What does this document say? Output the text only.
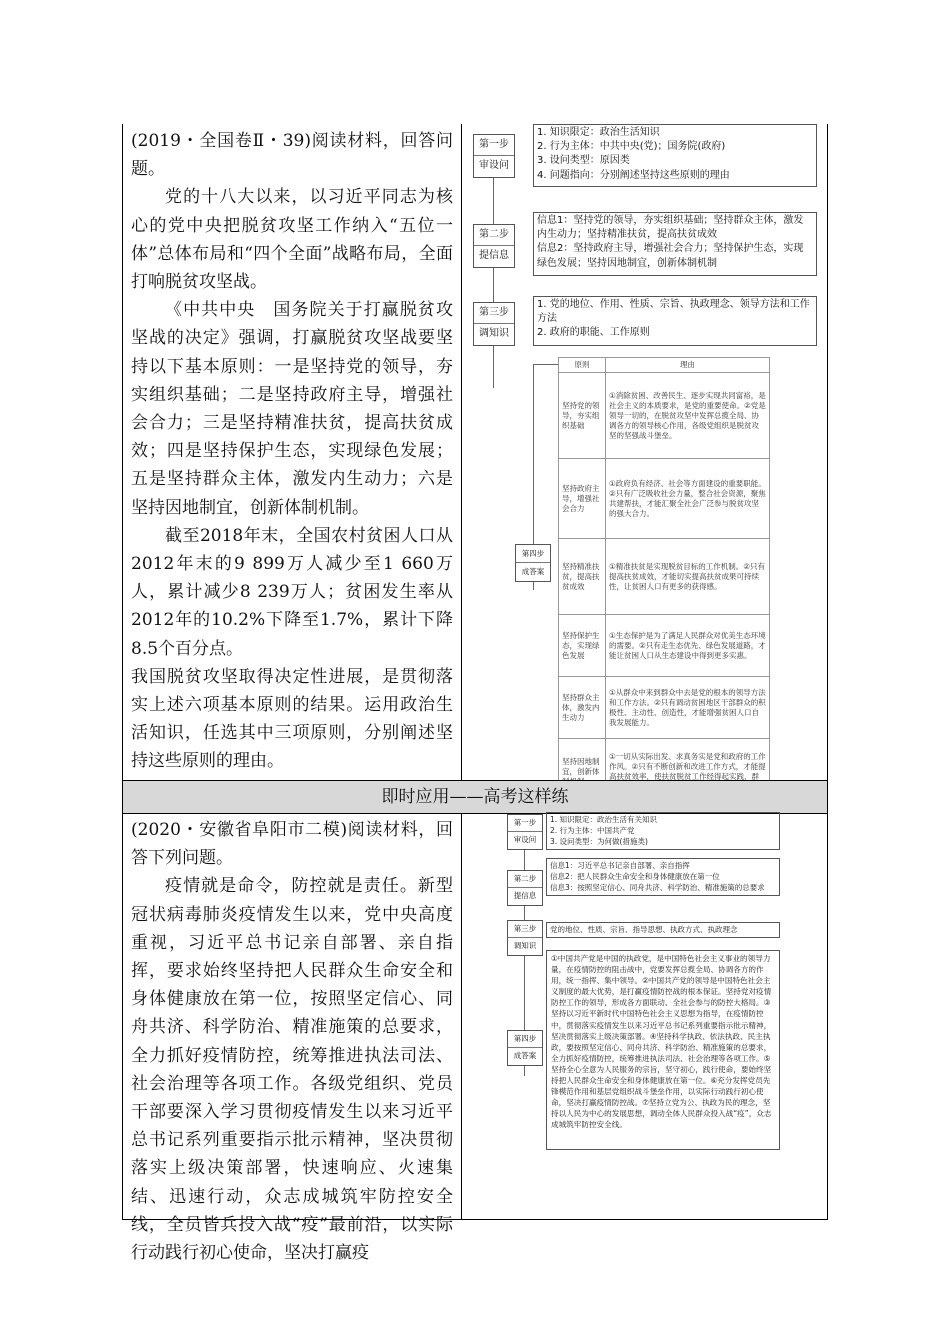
(2019・全国卷Ⅱ・39)阅读材料，回答问题。

党的十八大以来，以习近平同志为核心的党中央把脱贫攻坚工作纳入“五位一体”总体布局和“四个全面”战略布局，全面打响脱贫攻坚战。

《中共中央　国务院关于打赢脱贫攻坚战的决定》强调，打赢脱贫攻坚战要坚持以下基本原则：一是坚持党的领导，夯实组织基础；二是坚持政府主导，增强社会合力；三是坚持精准扶贫，提高扶贫成效；四是坚持保护生态，实现绿色发展；五是坚持群众主体，激发内生动力；六是坚持因地制宜，创新体制机制。

截至2018年末，全国农村贫困人口从2012年末的9 899万人减少至1 660万人，累计减少8 239万人；贫困发生率从2012年的10.2%下降至1.7%，累计下降8.5个百分点。

我国脱贫攻坚取得决定性进展，是贯彻落实上述六项基本原则的结果。运用政治生活知识，任选其中三项原则，分别阐述坚持这些原则的理由。

第一步
审设问
1. 知识限定：政治生活知识
2. 行为主体：中共中央(党)；国务院(政府)
3. 设问类型：原因类
4. 问题指向：分别阐述坚持这些原则的理由
第二步
提信息
信息1：坚持党的领导，夯实组织基础；坚持群众主体，激发内生动力；坚持精准扶贫，提高扶贫成效
信息2：坚持政府主导，增强社会合力；坚持保护生态，实现绿色发展；坚持因地制宜，创新体制机制
第三步
调知识
1. 党的地位、作用、性质、宗旨、执政理念、领导方法和工作方法
2. 政府的职能、工作原则
第四步
成答案
原则	理由
坚持党的领导，夯实组织基础	①消除贫困、改善民生、逐步实现共同富裕，是社会主义的本质要求，是党的重要使命。②党是领导一切的，在脱贫攻坚中发挥总揽全局、协调各方的领导核心作用，各级党组织是脱贫攻坚的坚强战斗堡垒。
坚持政府主导，增强社会合力	①政府负有经济、社会等方面建设的重要职能。②只有广泛吸收社会力量，整合社会资源，聚焦共建帮扶，才能汇聚全社会广泛参与脱贫攻坚的强大合力。
坚持精准扶贫，提高扶贫成效	①精准扶贫是实现脱贫目标的工作机制。②只有提高扶贫成效，才能切实提高扶贫成果可持续性，让贫困人口有更多的获得感。
坚持保护生态，实现绿色发展	①生态保护是为了满足人民群众对优美生态环境的需要。②只有走生态优先、绿色发展道路，才能让贫困人口从生态建设中得到更多实惠。
坚持群众主体，激发内生动力	①从群众中来到群众中去是党的根本的领导方法和工作方法。②只有调动贫困地区干部群众的积极性、主动性、创造性，才能增强贫困人口自我发展能力。
坚持因地制宜，创新体	①一切从实际出发、求真务实是党和政府的工作作风。②只有不断创新和改进工作方式，才能提高扶贫效率，使扶贫脱贫工作经得起实践、群
即时应用——高考这样练

(2020・安徽省阜阳市二模)阅读材料，回答下列问题。

疫情就是命令，防控就是责任。新型冠状病毒肺炎疫情发生以来，党中央高度重视，习近平总书记亲自部署、亲自指挥，要求始终坚持把人民群众生命安全和身体健康放在第一位，按照坚定信心、同舟共济、科学防治、精准施策的总要求，全力抓好疫情防控，统筹推进执法司法、社会治理等各项工作。各级党组织、党员干部要深入学习贯彻疫情发生以来习近平总书记系列重要指示批示精神，坚决贯彻落实上级决策部署，快速响应、火速集结、迅速行动，众志成城筑牢防控安全线，全员皆兵投入战“疫”最前沿，以实际行动践行初心使命，坚决打赢疫

第一步
审设问
1. 知识限定：政治生活有关知识
2. 行为主体：中国共产党
3. 设问类型：为何做(措施类)
第二步
提信息
信息1：习近平总书记亲自部署、亲自指挥
信息2：把人民群众生命安全和身体健康放在第一位
信息3：按照坚定信心、同舟共济、科学防治、精准施策的总要求
第三步
调知识
党的地位、性质、宗旨、指导思想、执政方式、执政理念
第四步
成答案
①中国共产党是中国的执政党，是中国特色社会主义事业的领导力量，在疫情防控的阻击战中，党要发挥总揽全局、协调各方的作用，统一指挥、集中领导。②中国共产党的领导是中国特色社会主义制度的最大优势，是打赢疫情防控战的根本保证。坚持党对疫情防控工作的领导，形成各方面联动、全社会参与的防控大格局。③坚持以习近平新时代中国特色社会主义思想为指导，在疫情防控中，贯彻落实疫情发生以来习近平总书记系列重要指示批示精神，坚决贯彻落实上级决策部署。④坚持科学执政、依法执政、民主执政，要按照坚定信心、同舟共济、科学防治、精准施策的总要求，全力抓好疫情防控，统筹推进执法司法、社会治理等各项工作。⑤坚持全心全意为人民服务的宗旨，坚守初心，践行使命，要始终坚持把人民群众生命安全和身体健康放在第一位。⑥充分发挥党员先锋模范作用和基层党组织战斗堡垒作用，以实际行动践行初心使命，坚决打赢疫情防控战。⑦坚持立党为公、执政为民的理念，坚持以人民为中心的发展思想，调动全体人民群众投入战“疫”，众志成城筑牢防控安全线。
